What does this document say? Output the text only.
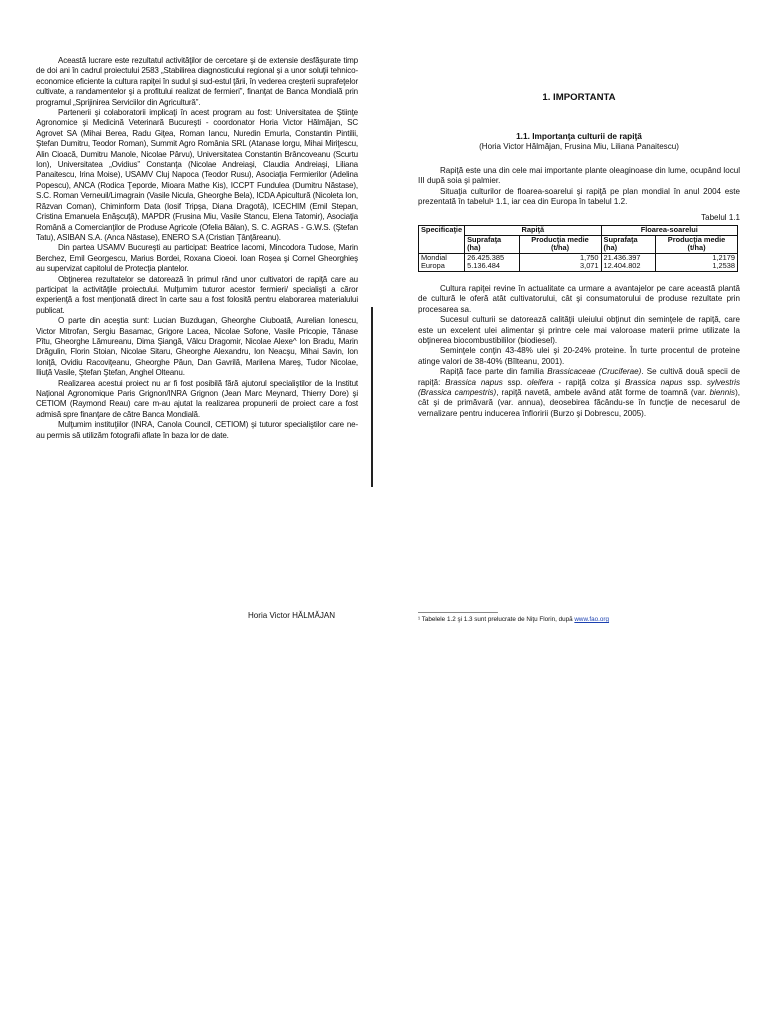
Această lucrare este rezultatul activităţilor de cercetare şi de extensie desfăşurate timp de doi ani în cadrul proiectului 2583 „Stabilirea diagnosticului regional şi a unor soluţii tehnico-economice eficiente la cultura rapiţei în sudul şi sud-estul ţării, în vederea creşterii suprafeţelor cultivate, a randamentelor şi a profitului realizat de fermieri”, finanţat de Banca Mondială prin programul „Sprijinirea Serviciilor din Agricultură”.

Partenerii şi colaboratorii implicaţi în acest program au fost: Universitatea de Ştiinţe Agronomice şi Medicină Veterinară Bucureşti - coordonator Horia Victor Hălmăjan, SC Agrovet SA (Mihai Berea, Radu Giţea, Roman Iancu, Nuredin Emurla, Constantin Pintilii, Ştefan Dumitru, Teodor Roman), Summit Agro România SRL (Atanase Iorgu, Mihai Miriţescu, Alin Cioacă, Dumitru Manole, Nicolae Pârvu), Universitatea Constantin Brâncoveanu (Scurtu Ion), Universitatea „Ovidius” Constanţa (Nicolae Andreiaşi, Claudia Andreiaşi, Liliana Panaitescu, Irina Moise), USAMV Cluj Napoca (Teodor Rusu), Asociaţia Fermierilor (Adelina Popescu), ANCA (Rodica Ţeporde, Mioara Mathe Kis), ICCPT Fundulea (Dumitru Năstase), S.C. Roman Verneuil/Limagrain (Vasile Nicula, Gheorghe Bela), ICDA Apicultură (Nicoleta Ion, Răzvan Coman), Chiminform Data (Iosif Tripşa, Diana Dragotă), ICECHIM (Emil Stepan, Cristina Emanuela Enăşcuţă), MAPDR (Frusina Miu, Vasile Stancu, Elena Tatomir), Asociaţia Română a Comercianţilor de Produse Agricole (Ofelia Bălan), S. C. AGRAS - G.W.S. (Ştefan Tatu), ASIBAN S.A. (Anca Năstase), ENERO S.A (Cristian Ţânţăreanu).

Din partea USAMV Bucureşti au participat: Beatrice Iacomi, Mincodora Tudose, Marin Berchez, Emil Georgescu, Marius Bordei, Roxana Cioeoi. Ioan Roşea şi Cornel Gheorghieş au supervizat capitolul de Protecţia plantelor.

Obţinerea rezultatelor se datorează în primul rând unor cultivatori de rapiţă care au participat la activităţile proiectului. Mulţumim tuturor acestor fermieri/ specialişti a căror experienţă a fost menţionată direct în carte sau a fost folosită pentru elaborarea materialului publicat.

O parte din aceştia sunt: Lucian Buzdugan, Gheorghe Ciuboată, Aurelian Ionescu, Victor Mitrofan, Sergiu Basamac, Grigore Lacea, Nicolae Sofone, Vasile Pricopie, Tănase Pîtu, Gheorghe Lămureanu, Dima Şiangă, Vâlcu Dragomir, Nicolae Alexe^ Ion Bradu, Marin Drăgulin, Florin Stoian, Nicolae Sitaru, Gheorghe Alexandru, Ion Neacşu, Mihai Savin, Ion Ioniţă, Ovidiu Racoviţeanu, Gheorghe Păun, Dan Gavrilă, Marilena Mareş, Tudor Nicolae, Iliuţă Vasile, Ştefan Ştefan, Anghel Olteanu.

Realizarea acestui proiect nu ar fi fost posibilă fără ajutorul specialiştilor de la Institut Naţional Agronomique Paris Grignon/INRA Grignon (Jean Marc Meynard, Thierry Dore) şi CETIOM (Raymond Reau) care m-au ajutat la realizarea propunerii de proiect care a fost admisă spre finanţare de către Banca Mondială.

Mulţumim instituţiilor (INRA, Canola Council, CETIOM) şi tuturor specialiştilor care ne-au permis să utilizăm fotografii aflate în baza lor de date.

Horia Victor HĂLMĂJAN
1. IMPORTANTA
1.1. Importanţa culturii de rapiţă
(Horia Victor Hălmăjan, Frusina Miu, Liliana Panaitescu)

Rapiţă este una din cele mai importante plante oleaginoase din lume, ocupând locul III după soia şi palmier.

Situaţia culturilor de floarea-soarelui şi rapiţă pe plan mondial în anul 2004 este prezentată în tabelul¹ 1.1, iar cea din Europa în tabelul 1.2.

Tabelul 1.1
Specificaţie	Rapiţă		Floarea-soarelui	
	Suprafaţa (ha)	Producţia medie (t/ha)	Suprafaţa (ha)	Producţia medie (t/ha)
Mondial	26.425.385	1,750	21.436.397	1,2179
Europa	5.136.484	3,071	12.404.802	1,2538

Cultura rapiţei revine în actualitate ca urmare a avantajelor pe care această plantă de cultură le oferă atât cultivatorului, cât şi consumatorului de produse rezultate prin procesarea sa.

Sucesul culturii se datorează calităţii uleiului obţinut din seminţele de rapiţă, care este un excelent ulei alimentar şi printre cele mai valoroase materii prime utilizate la obţinerea biocombustibililor (biodiesel).

Seminţele conţin 43-48% ulei şi 20-24% proteine. În turte procentul de proteine atinge valori de 38-40% (Bîlteanu, 2001).

Rapiţă face parte din familia Brassicaceae (Cruciferae). Se cultivă două specii de rapiţă: Brassica napus ssp. oleifera - rapiţă colza şi Brassica napus ssp. sylvestris (Brassica campestris), rapiţă navetă, ambele având atât forme de toamnă (var. biennis), cât şi de primăvară (var. annua), deosebirea făcându-se în funcţie de necesarul de vernalizare pentru inducerea înfloririi (Burzo şi Dobrescu, 2005).

¹ Tabelele 1.2 şi 1.3 sunt prelucrate de Niţu Florin, după www.fao.org
